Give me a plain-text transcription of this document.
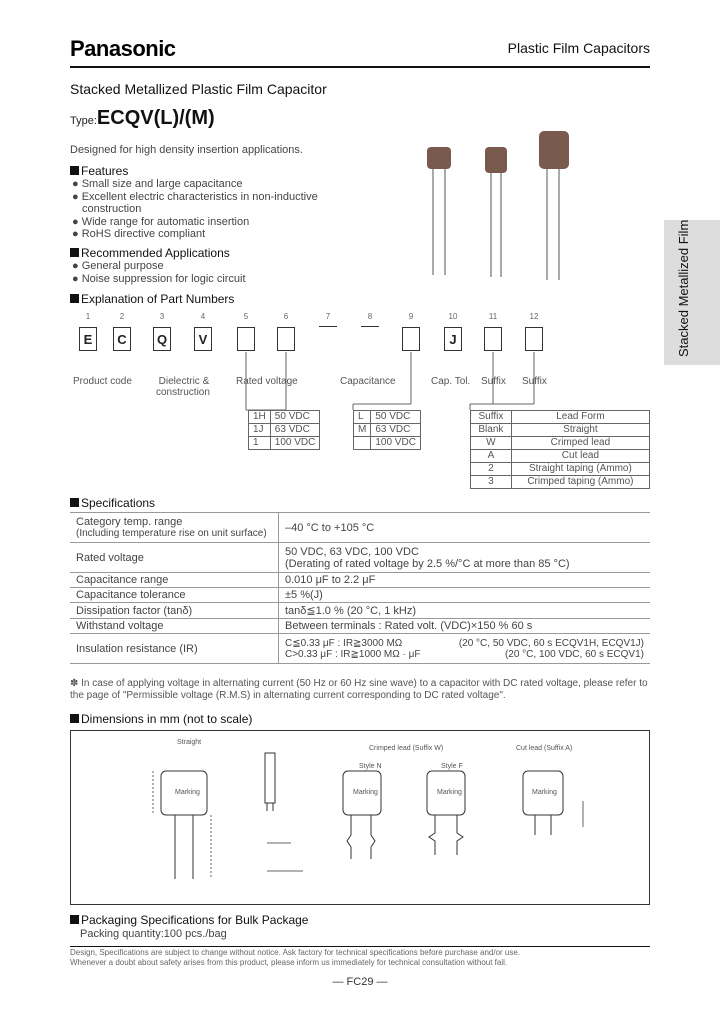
Panasonic	Plastic Film Capacitors
Stacked Metallized Plastic Film Capacitor
Type:ECQV(L)/(M)
Designed for high density insertion applications.
Features
● Small size and large capacitance
● Excellent electric characteristics in non-inductive
construction
● Wide range for automatic insertion
● RoHS directive compliant
Recommended Applications
● General purpose
● Noise suppression for logic circuit	Stacked Metallized Film
Explanation of Part Numbers
1	2	3	4	5	6	7	8	9	10	11	12
E	C	Q	V	J
Product code	Dielectric &
construction
Rated voltage	Capacitance	Cap. Tol. Suffix Suffix
1H	50 VDC
1J	63 VDC
1	100 VDC
L	50 VDC
M	63 VDC
	100 VDC
Suffix	Lead Form
Blank	Straight
W	Crimped lead
A	Cut lead
2	Straight taping (Ammo)
3	Crimped taping (Ammo)
Specifications
Category temp. range
(Including temperature rise on unit surface)	–40 °C to +105 °C
Rated voltage	50 VDC, 63 VDC, 100 VDC
(Derating of rated voltage by 2.5 %/°C at more than 85 °C)

Capacitance range	0.010 μF to 2.2 μF
Capacitance tolerance	±5 %(J)
Dissipation factor (tanδ)	tanδ≦1.0 % (20 °C, 1 kHz)
Withstand voltage	Between terminals : Rated volt. (VDC)×150 % 60 s
Insulation resistance (IR)	C≦0.33 μF : IR≧3000 MΩ (20 °C, 50 VDC, 60 s ECQV1H, ECQV1J)
C>0.33 μF : IR≧1000 MΩ · μF (20 °C, 100 VDC, 60 s ECQV1)
✽ In case of applying voltage in alternating current (50 Hz or 60 Hz sine wave) to a capacitor with DC rated voltage, please refer to the page of "Permissible voltage (R.M.S) in alternating current corresponding to DC rated voltage".
Dimensions in mm (not to scale)
Straight
Crimped lead (Suffix W)	Cut lead (Suffix A)
Style N	Style F
Marking	Marking	Marking	Marking
Packaging Specifications for Bulk Package
Packing quantity:100 pcs./bag
Design, Specifications are subject to change without notice. Ask factory for technical specifications before purchase and/or use.
Whenever a doubt about safety arises from this product, please inform us immediately for technical consultation without fail.
— FC29 —
